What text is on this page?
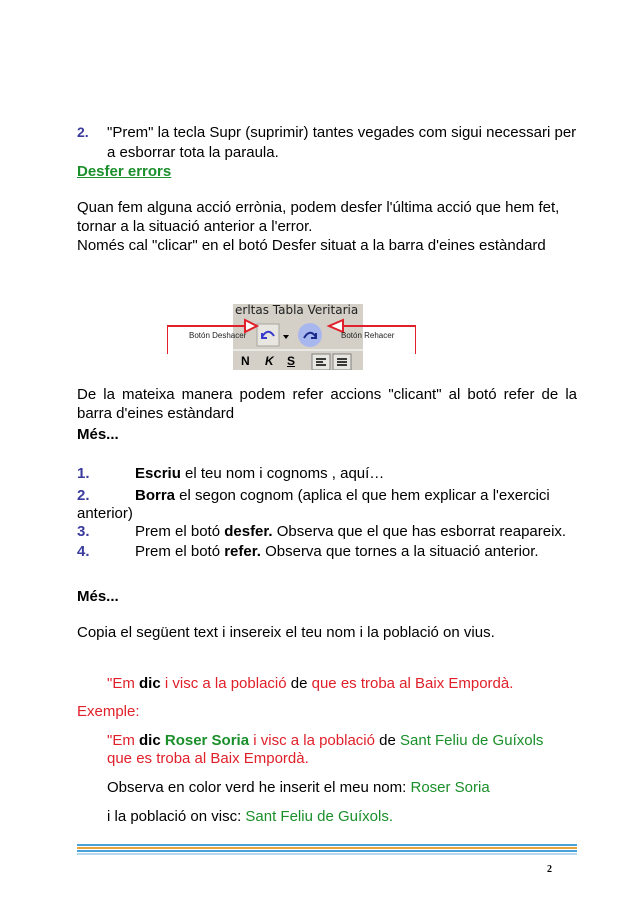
2. "Prem" la tecla Supr (suprimir) tantes vegades com sigui necessari per
a esborrar tota la paraula.
Desfer errors
Quan fem alguna acció errònia, podem desfer l'última acció que hem fet,
tornar a la situació anterior a l'error.
Només cal "clicar" en el botó Desfer situat a la barra d'eines estàndard
erltas Tabla Veritaria
Botón Deshacer	Botón Rehacer
N K S
De la mateixa manera podem refer accions "clicant" al botó refer de la
barra d'eines estàndard
Més...
1.	Escriu el teu nom i cognoms , aquí…
2.	Borra el segon cognom (aplica el que hem explicar a l'exercici
anterior)
3.	Prem el botó desfer. Observa que el que has esborrat reapareix.
4.	Prem el botó refer. Observa que tornes a la situació anterior.
Més...
Copia el següent text i insereix el teu nom i la població on vius.
"Em dic i visc a la població de que es troba al Baix Empordà.
Exemple:
"Em dic Roser Soria i visc a la població de Sant Feliu de Guíxols
que es troba al Baix Empordà.
Observa en color verd he inserit el meu nom: Roser Soria
i la població on visc: Sant Feliu de Guíxols.
2
